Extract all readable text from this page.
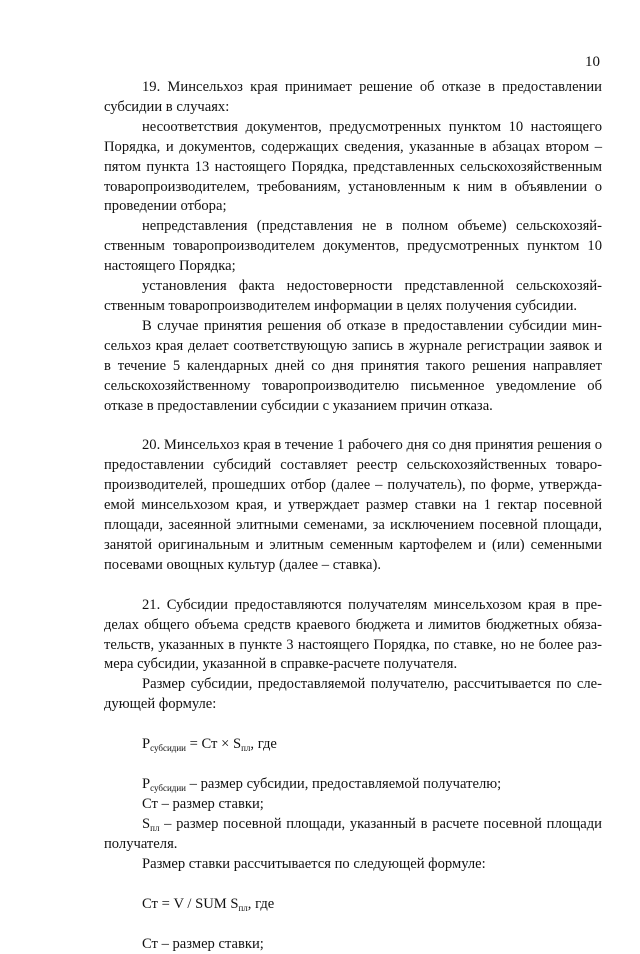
10

19. Минсельхоз края принимает решение об отказе в предоставлении субсидии в случаях:

несоответствия документов, предусмотренных пунктом 10 настоящего Порядка, и документов, содержащих сведения, указанные в абзацах втором – пятом пункта 13 настоящего Порядка, представленных сельскохозяйственным товаропроизводителем, требованиям, установленным к ним в объявлении о проведении отбора;

непредставления (представления не в полном объеме) сельскохозяйственным товаропроизводителем документов, предусмотренных пунктом 10 настоящего Порядка;

установления факта недостоверности представленной сельскохозяйственным товаропроизводителем информации в целях получения субсидии.

В случае принятия решения об отказе в предоставлении субсидии минсельхоз края делает соответствующую запись в журнале регистрации заявок и в течение 5 календарных дней со дня принятия такого решения направляет сельскохозяйственному товаропроизводителю письменное уведомление об отказе в предоставлении субсидии с указанием причин отказа.

20. Минсельхоз края в течение 1 рабочего дня со дня принятия решения о предоставлении субсидий составляет реестр сельскохозяйственных товаропроизводителей, прошедших отбор (далее – получатель), по форме, утверждaемой минсельхозом края, и утверждает размер ставки на 1 гектар посевной площади, засеянной элитными семенами, за исключением посевной площади, занятой оригинальным и элитным семенным картофелем и (или) семенными посевами овощных культур (далее – ставка).

21. Субсидии предоставляются получателям минсельхозом края в пределах общего объема средств краевого бюджета и лимитов бюджетных обязательств, указанных в пункте 3 настоящего Порядка, по ставке, но не более размера субсидии, указанной в справке-расчете получателя.

Размер субсидии, предоставляемой получателю, рассчитывается по следующей формуле:

$P_{субсидии}$ = Ст × $S_{пл}$, где

$P_{субсидии}$ – размер субсидии, предоставляемой получателю;

Ст – размер ставки;

$S_{пл}$ – размер посевной площади, указанный в расчете посевной площади получателя.

Размер ставки рассчитывается по следующей формуле:

Ст = V / SUM $S_{пл}$, где

Ст – размер ставки;
